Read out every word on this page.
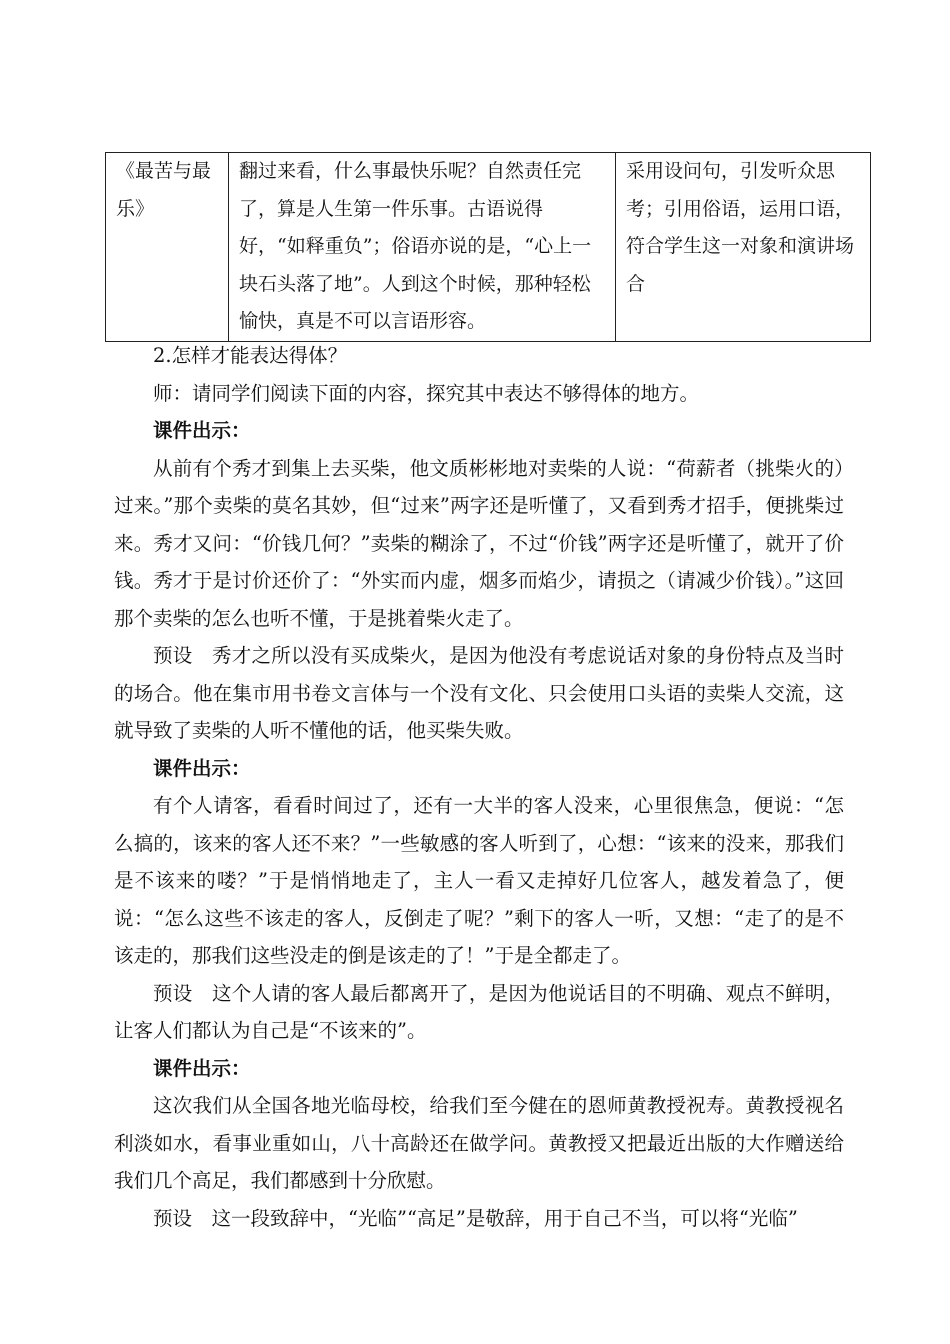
《最苦与最乐》	翻过来看，什么事最快乐呢？自然责任完了，算是人生第一件乐事。古语说得好，“如释重负”；俗语亦说的是，“心上一块石头落了地”。人到这个时候，那种轻松愉快，真是不可以言语形容。	采用设问句，引发听众思考；引用俗语，运用口语，符合学生这一对象和演讲场合

2.怎样才能表达得体？

师：请同学们阅读下面的内容，探究其中表达不够得体的地方。

课件出示：

从前有个秀才到集上去买柴，他文质彬彬地对卖柴的人说：“荷薪者（挑柴火的）过来。”那个卖柴的莫名其妙，但“过来”两字还是听懂了，又看到秀才招手，便挑柴过来。秀才又问：“价钱几何？”卖柴的糊涂了，不过“价钱”两字还是听懂了，就开了价钱。秀才于是讨价还价了：“外实而内虚，烟多而焰少，请损之（请减少价钱）。”这回那个卖柴的怎么也听不懂，于是挑着柴火走了。

预设 秀才之所以没有买成柴火，是因为他没有考虑说话对象的身份特点及当时的场合。他在集市用书卷文言体与一个没有文化、只会使用口头语的卖柴人交流，这就导致了卖柴的人听不懂他的话，他买柴失败。

课件出示：

有个人请客，看看时间过了，还有一大半的客人没来，心里很焦急，便说：“怎么搞的，该来的客人还不来？”一些敏感的客人听到了，心想：“该来的没来，那我们是不该来的喽？”于是悄悄地走了，主人一看又走掉好几位客人，越发着急了，便说：“怎么这些不该走的客人，反倒走了呢？”剩下的客人一听，又想：“走了的是不该走的，那我们这些没走的倒是该走的了！”于是全都走了。

预设 这个人请的客人最后都离开了，是因为他说话目的不明确、观点不鲜明，让客人们都认为自己是“不该来的”。

课件出示：

这次我们从全国各地光临母校，给我们至今健在的恩师黄教授祝寿。黄教授视名利淡如水，看事业重如山，八十高龄还在做学问。黄教授又把最近出版的大作赠送给我们几个高足，我们都感到十分欣慰。

预设 这一段致辞中，“光临”“高足”是敬辞，用于自己不当，可以将“光临”
